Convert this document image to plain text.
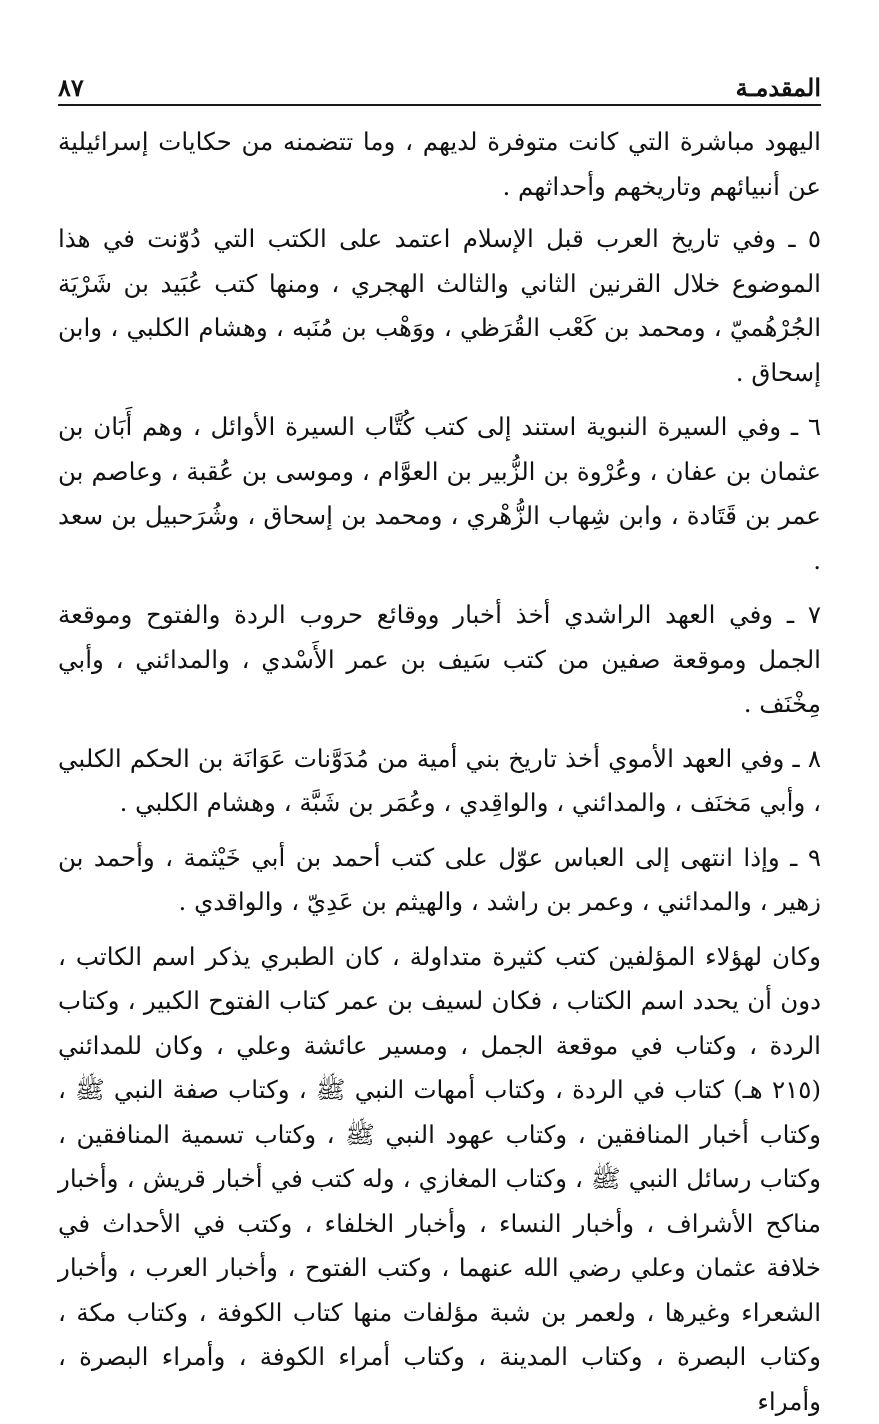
المقدمـة
٨٧

اليهود مباشرة التي كانت متوفرة لديهم ، وما تتضمنه من حكايات إسرائيلية عن أنبيائهم وتاريخهم وأحداثهم .

٥ ـ وفي تاريخ العرب قبل الإسلام اعتمد على الكتب التي دُوّنت في هذا الموضوع خلال القرنين الثاني والثالث الهجري ، ومنها كتب عُبَيد بن شَرْيَة الجُرْهُميّ ، ومحمد بن كَعْب القُرَظي ، ووَهْب بن مُنَبه ، وهشام الكلبي ، وابن إسحاق .

٦ ـ وفي السيرة النبوية استند إلى كتب كُتَّاب السيرة الأوائل ، وهم أَبَان بن عثمان بن عفان ، وعُرْوة بن الزُّبير بن العوَّام ، وموسى بن عُقبة ، وعاصم بن عمر بن قَتَادة ، وابن شِهاب الزُّهْري ، ومحمد بن إسحاق ، وشُرَحبيل بن سعد .

٧ ـ وفي العهد الراشدي أخذ أخبار ووقائع حروب الردة والفتوح وموقعة الجمل وموقعة صفين من كتب سَيف بن عمر الأَسْدي ، والمدائني ، وأبي مِخْنَف .

٨ ـ وفي العهد الأموي أخذ تاريخ بني أمية من مُدَوَّنات عَوَانَة بن الحكم الكلبي ، وأبي مَخنَف ، والمدائني ، والواقِدي ، وعُمَر بن شَبَّة ، وهشام الكلبي .

٩ ـ وإذا انتهى إلى العباس عوّل على كتب أحمد بن أبي خَيْثمة ، وأحمد بن زهير ، والمدائني ، وعمر بن راشد ، والهيثم بن عَدِيّ ، والواقدي .

وكان لهؤلاء المؤلفين كتب كثيرة متداولة ، كان الطبري يذكر اسم الكاتب ، دون أن يحدد اسم الكتاب ، فكان لسيف بن عمر كتاب الفتوح الكبير ، وكتاب الردة ، وكتاب في موقعة الجمل ، ومسير عائشة وعلي ، وكان للمدائني (٢١٥ هـ) كتاب في الردة ، وكتاب أمهات النبي ﷺ ، وكتاب صفة النبي ﷺ ، وكتاب أخبار المنافقين ، وكتاب عهود النبي ﷺ ، وكتاب تسمية المنافقين ، وكتاب رسائل النبي ﷺ ، وكتاب المغازي ، وله كتب في أخبار قريش ، وأخبار مناكح الأشراف ، وأخبار النساء ، وأخبار الخلفاء ، وكتب في الأحداث في خلافة عثمان وعلي رضي الله عنهما ، وكتب الفتوح ، وأخبار العرب ، وأخبار الشعراء وغيرها ، ولعمر بن شبة مؤلفات منها كتاب الكوفة ، وكتاب مكة ، وكتاب البصرة ، وكتاب المدينة ، وكتاب أمراء الكوفة ، وأمراء البصرة ، وأمراء
